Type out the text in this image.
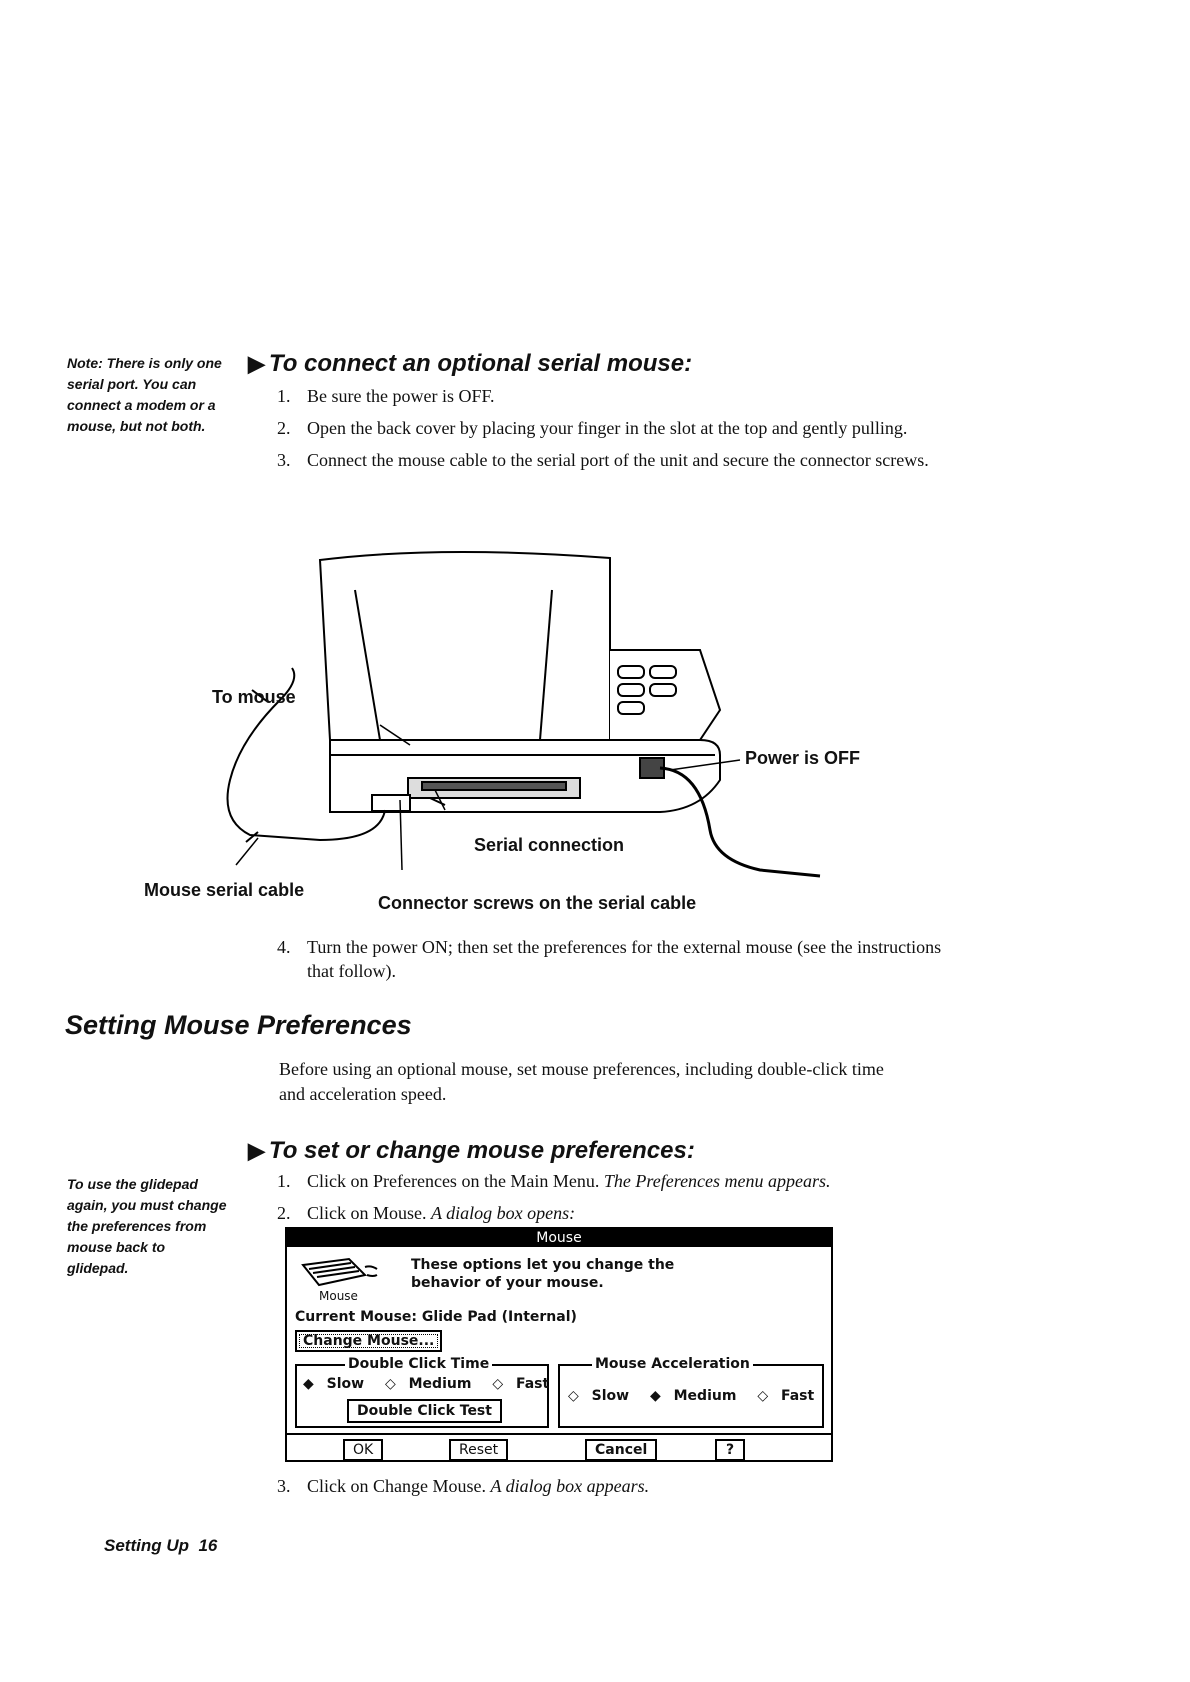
Note: There is only one serial port. You can connect a modem or a mouse, but not both.
To use the glidepad again, you must change the preferences from mouse back to glidepad.
▶ To connect an optional serial mouse:
1. Be sure the power is OFF.
2. Open the back cover by placing your finger in the slot at the top and gently pulling.
3. Connect the mouse cable to the serial port of the unit and secure the connector screws.
To mouse
Power is OFF
Serial connection
Mouse serial cable
Connector screws on the serial cable
4. Turn the power ON; then set the preferences for the external mouse (see the instructions that follow).
Setting Mouse Preferences
Before using an optional mouse, set mouse preferences, including double-click time and acceleration speed.
▶ To set or change mouse preferences:
1. Click on Preferences on the Main Menu. The Preferences menu appears.
2. Click on Mouse. A dialog box opens:
Mouse
Mouse
These options let you change the
behavior of your mouse.
Current Mouse: Glide Pad (Internal)
Change Mouse...
Double Click Time
◆ Slow ◇ Medium ◇ Fast
Double Click Test
Mouse Acceleration
◇ Slow ◆ Medium ◇ Fast
OK	Reset	Cancel	?
3. Click on Change Mouse. A dialog box appears.
Setting Up 16
